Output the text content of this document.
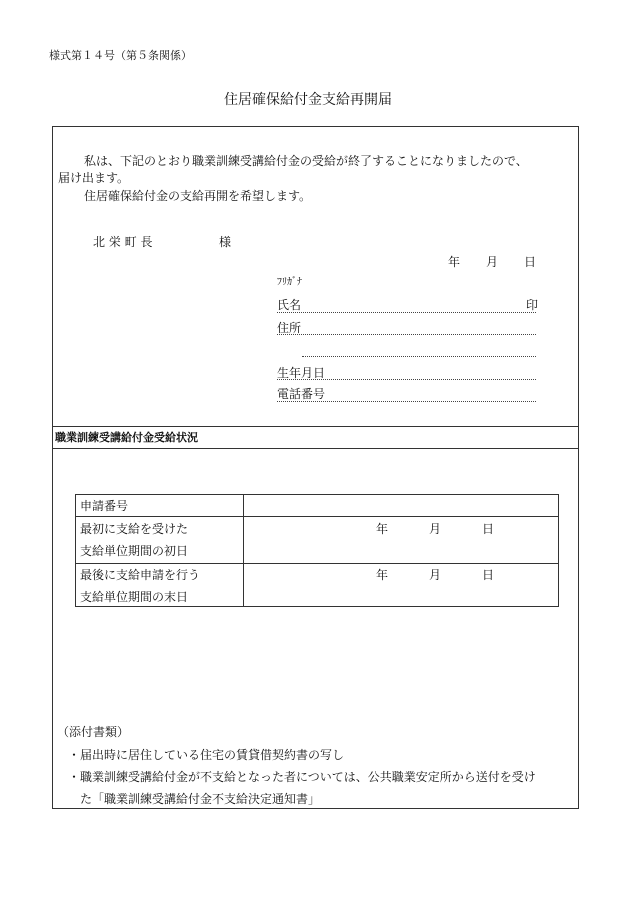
様式第１４号（第５条関係）
住居確保給付金支給再開届
私は、下記のとおり職業訓練受講給付金の受給が終了することになりましたので、
届け出ます。
住居確保給付金の支給再開を希望します。
北 栄 町 長	様
年 月 日
ﾌﾘｶﾞﾅ
氏名	印
住所
生年月日
電話番号
職業訓練受講給付金受給状況
申請番号
最初に支給を受けた
支給単位期間の初日
年	月	日
最後に支給申請を行う
支給単位期間の末日
年	月	日
（添付書類）
・届出時に居住している住宅の賃貸借契約書の写し
・職業訓練受講給付金が不支給となった者については、公共職業安定所から送付を受け
た「職業訓練受講給付金不支給決定通知書」
